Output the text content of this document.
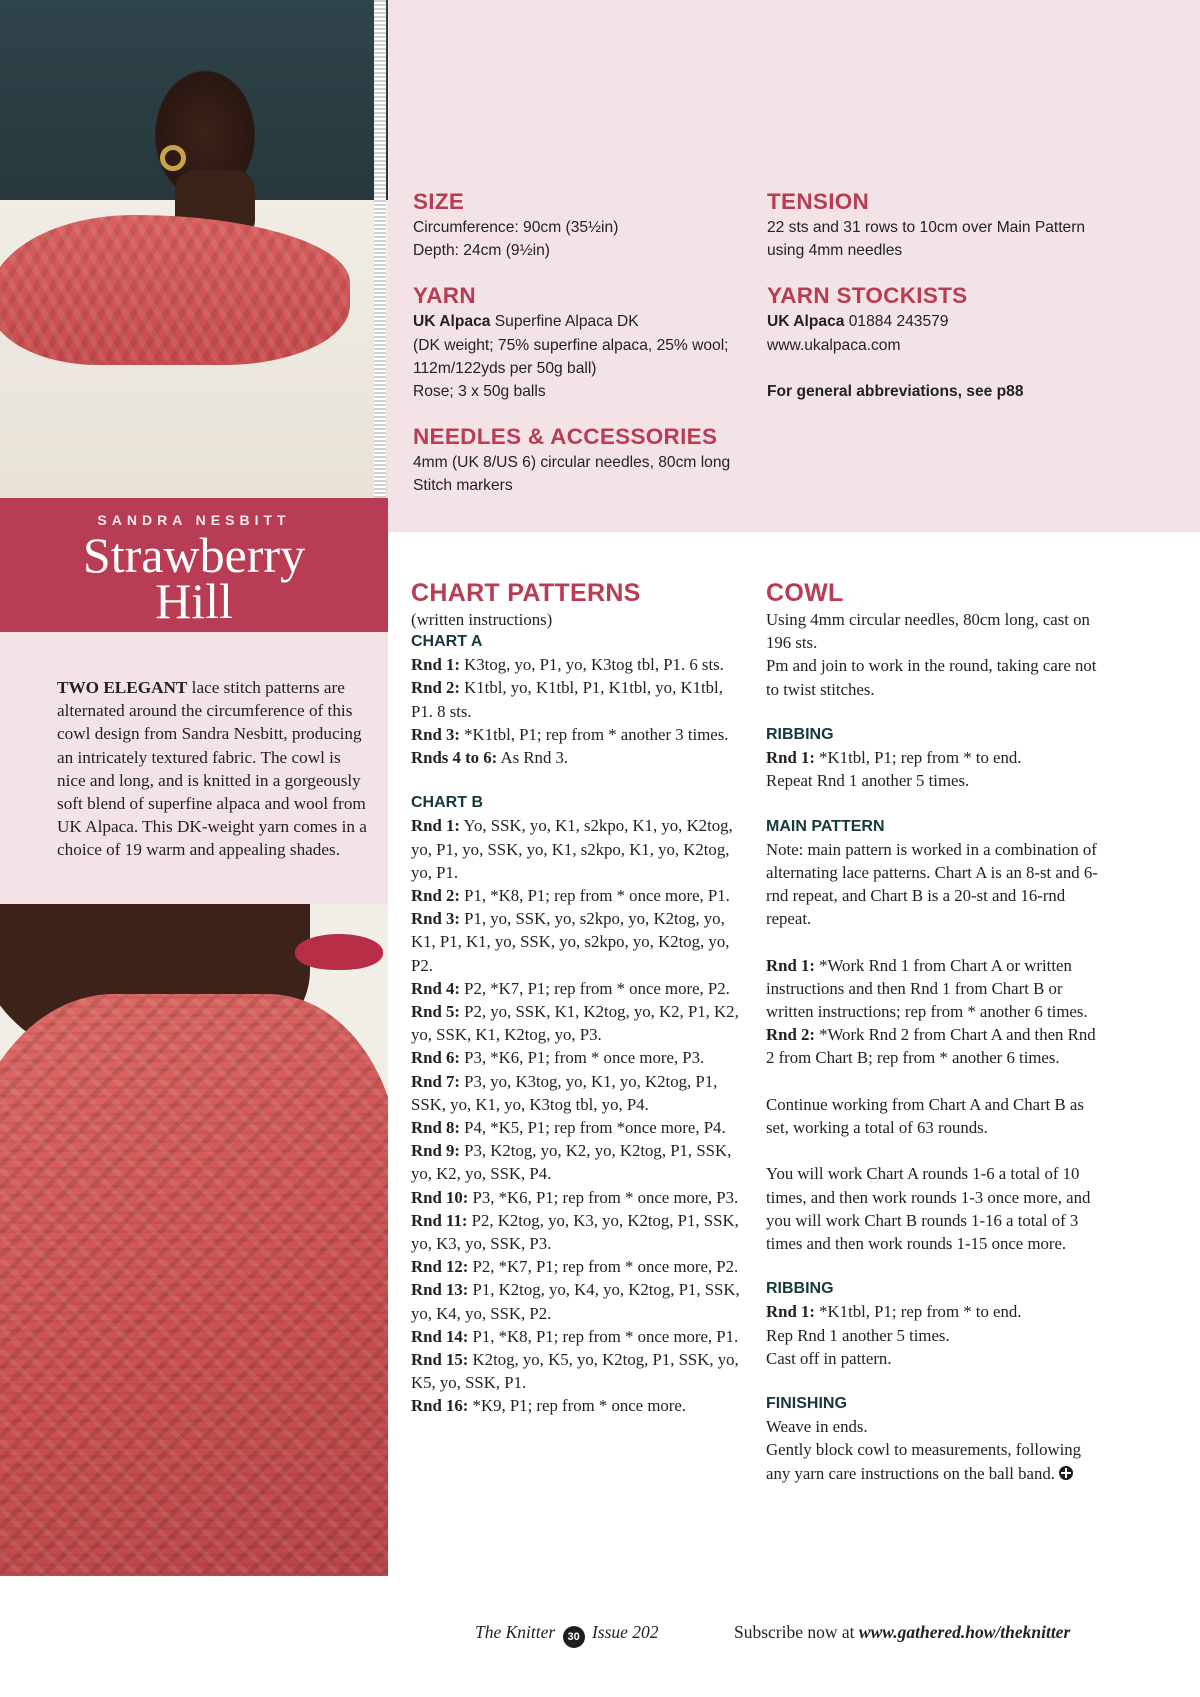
SANDRA NESBITT
Strawberry
Hill
TWO ELEGANT lace stitch patterns are alternated around the circumference of this cowl design from Sandra Nesbitt, producing an intricately textured fabric. The cowl is nice and long, and is knitted in a gorgeously soft blend of superfine alpaca and wool from UK Alpaca. This DK-weight yarn comes in a choice of 19 warm and appealing shades.
SIZE
Circumference: 90cm (35½in)
Depth: 24cm (9½in)
YARN
UK Alpaca Superfine Alpaca DK
(DK weight; 75% superfine alpaca, 25% wool;
112m/122yds per 50g ball)
Rose; 3 x 50g balls
NEEDLES & ACCESSORIES
4mm (UK 8/US 6) circular needles, 80cm long
Stitch markers
TENSION
22 sts and 31 rows to 10cm over Main Pattern
using 4mm needles
YARN STOCKISTS
UK Alpaca 01884 243579
www.ukalpaca.com
For general abbreviations, see p88
CHART PATTERNS
(written instructions)
CHART A
Rnd 1: K3tog, yo, P1, yo, K3tog tbl, P1. 6 sts.
Rnd 2: K1tbl, yo, K1tbl, P1, K1tbl, yo, K1tbl, P1. 8 sts.
Rnd 3: *K1tbl, P1; rep from * another 3 times.
Rnds 4 to 6: As Rnd 3.
CHART B
Rnd 1: Yo, SSK, yo, K1, s2kpo, K1, yo, K2tog, yo, P1, yo, SSK, yo, K1, s2kpo, K1, yo, K2tog, yo, P1.
Rnd 2: P1, *K8, P1; rep from * once more, P1.
Rnd 3: P1, yo, SSK, yo, s2kpo, yo, K2tog, yo, K1, P1, K1, yo, SSK, yo, s2kpo, yo, K2tog, yo, P2.
Rnd 4: P2, *K7, P1; rep from * once more, P2.
Rnd 5: P2, yo, SSK, K1, K2tog, yo, K2, P1, K2, yo, SSK, K1, K2tog, yo, P3.
Rnd 6: P3, *K6, P1; from * once more, P3.
Rnd 7: P3, yo, K3tog, yo, K1, yo, K2tog, P1, SSK, yo, K1, yo, K3tog tbl, yo, P4.
Rnd 8: P4, *K5, P1; rep from *once more, P4.
Rnd 9: P3, K2tog, yo, K2, yo, K2tog, P1, SSK, yo, K2, yo, SSK, P4.
Rnd 10: P3, *K6, P1; rep from * once more, P3.
Rnd 11: P2, K2tog, yo, K3, yo, K2tog, P1, SSK, yo, K3, yo, SSK, P3.
Rnd 12: P2, *K7, P1; rep from * once more, P2.
Rnd 13: P1, K2tog, yo, K4, yo, K2tog, P1, SSK, yo, K4, yo, SSK, P2.
Rnd 14: P1, *K8, P1; rep from * once more, P1.
Rnd 15: K2tog, yo, K5, yo, K2tog, P1, SSK, yo, K5, yo, SSK, P1.
Rnd 16: *K9, P1; rep from * once more.
COWL
Using 4mm circular needles, 80cm long, cast on 196 sts.
Pm and join to work in the round, taking care not to twist stitches.
RIBBING
Rnd 1: *K1tbl, P1; rep from * to end.
Repeat Rnd 1 another 5 times.
MAIN PATTERN
Note: main pattern is worked in a combination of alternating lace patterns. Chart A is an 8-st and 6-rnd repeat, and Chart B is a 20-st and 16-rnd repeat.
Rnd 1: *Work Rnd 1 from Chart A or written instructions and then Rnd 1 from Chart B or written instructions; rep from * another 6 times.
Rnd 2: *Work Rnd 2 from Chart A and then Rnd 2 from Chart B; rep from * another 6 times.
Continue working from Chart A and Chart B as set, working a total of 63 rounds.
You will work Chart A rounds 1-6 a total of 10 times, and then work rounds 1-3 once more, and you will work Chart B rounds 1-16 a total of 3 times and then work rounds 1-15 once more.
RIBBING
Rnd 1: *K1tbl, P1; rep from * to end.
Rep Rnd 1 another 5 times.
Cast off in pattern.
FINISHING
Weave in ends.
Gently block cowl to measurements, following any yarn care instructions on the ball band.
The Knitter 30 Issue 202	Subscribe now at www.gathered.how/theknitter
